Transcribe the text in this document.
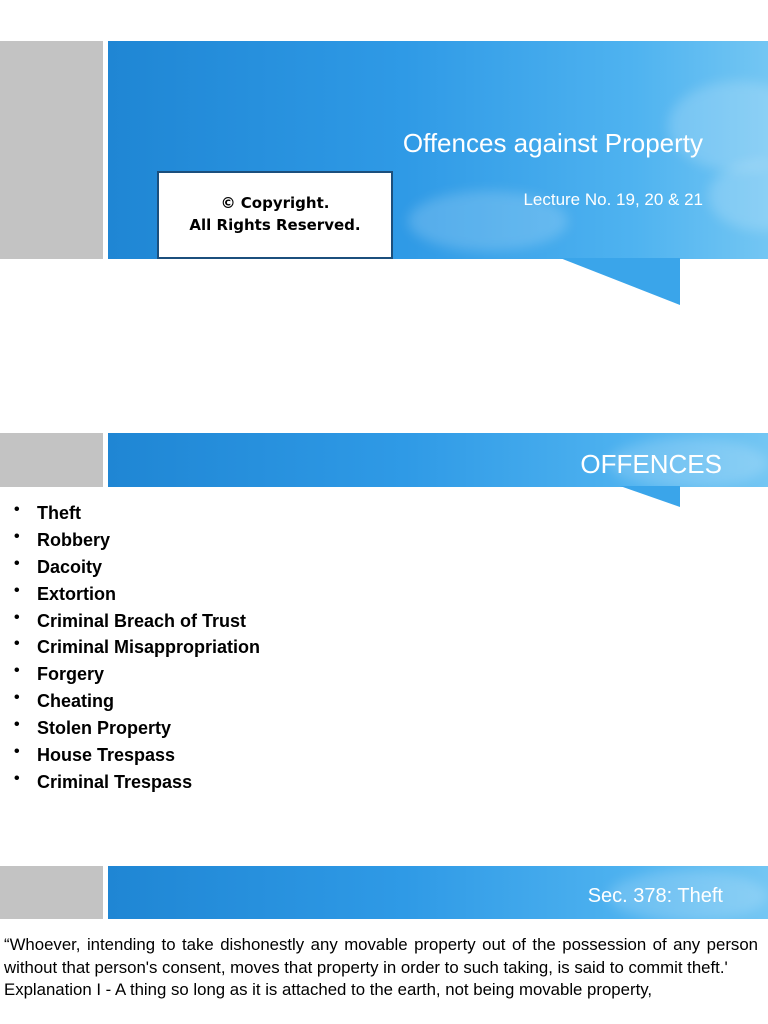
Offences against Property
Lecture No. 19, 20 & 21
© Copyright.
All Rights Reserved.
OFFENCES
• Theft
• Robbery
• Dacoity
• Extortion
• Criminal Breach of Trust
• Criminal Misappropriation
• Forgery
• Cheating
• Stolen Property
• House Trespass
• Criminal Trespass
Sec. 378: Theft
“Whoever, intending to take dishonestly any movable property out of the possession of any person without that person's consent, moves that property in order to such taking, is said to commit theft.'
Explanation I - A thing so long as it is attached to the earth, not being movable property,
